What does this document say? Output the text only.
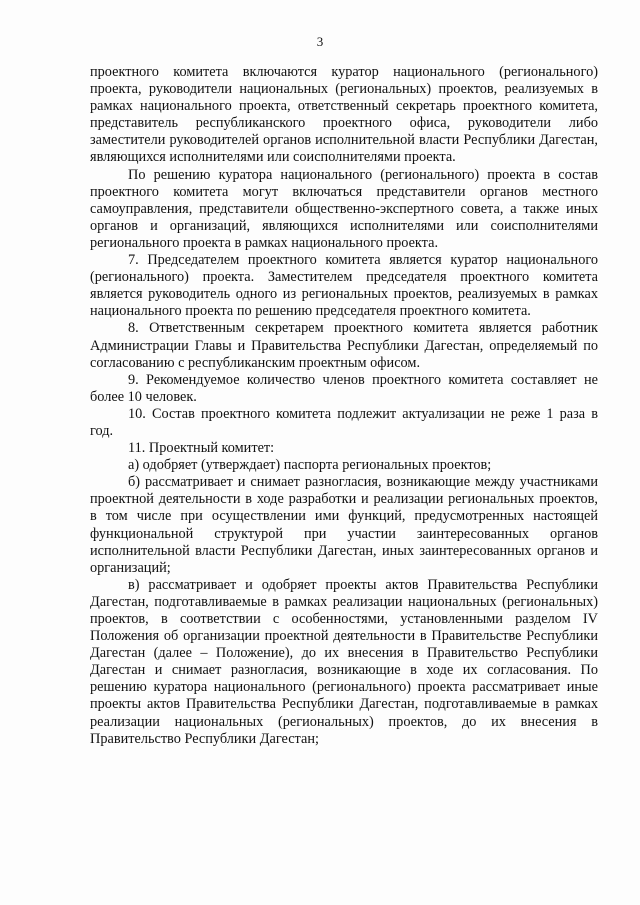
3

проектного комитета включаются куратор национального (регионального) проекта, руководители национальных (региональных) проектов, реализуемых в рамках национального проекта, ответственный секретарь проектного комитета, представитель республиканского проектного офиса, руководители либо заместители руководителей органов исполнительной власти Республики Дагестан, являющихся исполнителями или соисполнителями проекта.

По решению куратора национального (регионального) проекта в состав проектного комитета могут включаться представители органов местного самоуправления, представители общественно-экспертного совета, а также иных органов и организаций, являющихся исполнителями или соисполнителями регионального проекта в рамках национального проекта.

7. Председателем проектного комитета является куратор национального (регионального) проекта. Заместителем председателя проектного комитета является руководитель одного из региональных проектов, реализуемых в рамках национального проекта по решению председателя проектного комитета.

8. Ответственным секретарем проектного комитета является работник Администрации Главы и Правительства Республики Дагестан, определяемый по согласованию с республиканским проектным офисом.

9. Рекомендуемое количество членов проектного комитета составляет не более 10 человек.

10. Состав проектного комитета подлежит актуализации не реже 1 раза в год.

11. Проектный комитет:

а) одобряет (утверждает) паспорта региональных проектов;

б) рассматривает и снимает разногласия, возникающие между участниками проектной деятельности в ходе разработки и реализации региональных проектов, в том числе при осуществлении ими функций, предусмотренных настоящей функциональной структурой при участии заинтересованных органов исполнительной власти Республики Дагестан, иных заинтересованных органов и организаций;

в) рассматривает и одобряет проекты актов Правительства Республики Дагестан, подготавливаемые в рамках реализации национальных (региональных) проектов, в соответствии с особенностями, установленными разделом IV Положения об организации проектной деятельности в Правительстве Республики Дагестан (далее – Положение), до их внесения в Правительство Республики Дагестан и снимает разногласия, возникающие в ходе их согласования. По решению куратора национального (регионального) проекта рассматривает иные проекты актов Правительства Республики Дагестан, подготавливаемые в рамках реализации национальных (региональных) проектов, до их внесения в Правительство Республики Дагестан;
